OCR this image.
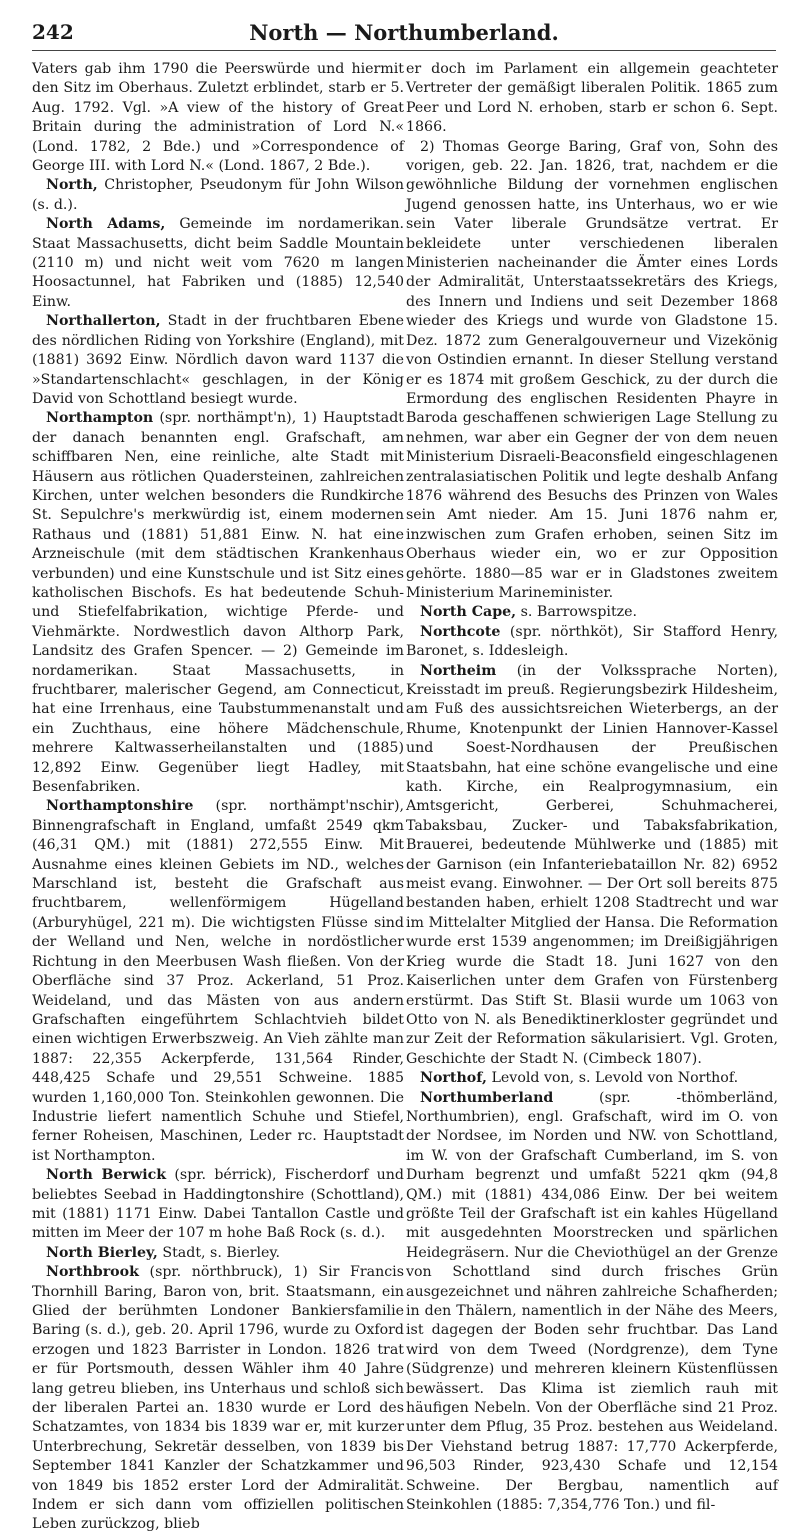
242	North — Northumberland.

Vaters gab ihm 1790 die Peerswürde und hiermit den Sitz im Oberhaus. Zuletzt erblindet, starb er 5. Aug. 1792. Vgl. »A view of the history of Great Britain during the administration of Lord N.« (Lond. 1782, 2 Bde.) und »Correspondence of George III. with Lord N.« (Lond. 1867, 2 Bde.).

North, Christopher, Pseudonym für John Wilson (s. d.).

North Adams, Gemeinde im nordamerikan. Staat Massachusetts, dicht beim Saddle Mountain (2110 m) und nicht weit vom 7620 m langen Hoosactunnel, hat Fabriken und (1885) 12,540 Einw.

Northallerton, Stadt in der fruchtbaren Ebene des nördlichen Riding von Yorkshire (England), mit (1881) 3692 Einw. Nördlich davon ward 1137 die »Standartenschlacht« geschlagen, in der König David von Schottland besiegt wurde.

Northampton (spr. northämpt'n), 1) Hauptstadt der danach benannten engl. Grafschaft, am schiffbaren Nen, eine reinliche, alte Stadt mit Häusern aus rötlichen Quadersteinen, zahlreichen Kirchen, unter welchen besonders die Rundkirche St. Sepulchre's merkwürdig ist, einem modernen Rathaus und (1881) 51,881 Einw. N. hat eine Arzneischule (mit dem städtischen Krankenhaus verbunden) und eine Kunstschule und ist Sitz eines katholischen Bischofs. Es hat bedeutende Schuh- und Stiefelfabrikation, wichtige Pferde- und Viehmärkte. Nordwestlich davon Althorp Park, Landsitz des Grafen Spencer. — 2) Gemeinde im nordamerikan. Staat Massachusetts, in fruchtbarer, malerischer Gegend, am Connecticut, hat eine Irrenhaus, eine Taubstummenanstalt und ein Zuchthaus, eine höhere Mädchenschule, mehrere Kaltwasserheilanstalten und (1885) 12,892 Einw. Gegenüber liegt Hadley, mit Besenfabriken.

Northamptonshire (spr. northämpt'nschir), Binnengrafschaft in England, umfaßt 2549 qkm (46,31 QM.) mit (1881) 272,555 Einw. Mit Ausnahme eines kleinen Gebiets im ND., welches Marschland ist, besteht die Grafschaft aus fruchtbarem, wellenförmigem Hügelland (Arburyhügel, 221 m). Die wichtigsten Flüsse sind der Welland und Nen, welche in nordöstlicher Richtung in den Meerbusen Wash fließen. Von der Oberfläche sind 37 Proz. Ackerland, 51 Proz. Weideland, und das Mästen von aus andern Grafschaften eingeführtem Schlachtvieh bildet einen wichtigen Erwerbszweig. An Vieh zählte man 1887: 22,355 Ackerpferde, 131,564 Rinder, 448,425 Schafe und 29,551 Schweine. 1885 wurden 1,160,000 Ton. Steinkohlen gewonnen. Die Industrie liefert namentlich Schuhe und Stiefel, ferner Roheisen, Maschinen, Leder rc. Hauptstadt ist Northampton.

North Berwick (spr. bérrick), Fischerdorf und beliebtes Seebad in Haddingtonshire (Schottland), mit (1881) 1171 Einw. Dabei Tantallon Castle und mitten im Meer der 107 m hohe Baß Rock (s. d.).

North Bierley, Stadt, s. Bierley.

Northbrook (spr. nörthbruck), 1) Sir Francis Thornhill Baring, Baron von, brit. Staatsmann, ein Glied der berühmten Londoner Bankiersfamilie Baring (s. d.), geb. 20. April 1796, wurde zu Oxford erzogen und 1823 Barrister in London. 1826 trat er für Portsmouth, dessen Wähler ihm 40 Jahre lang getreu blieben, ins Unterhaus und schloß sich der liberalen Partei an. 1830 wurde er Lord des Schatzamtes, von 1834 bis 1839 war er, mit kurzer Unterbrechung, Sekretär desselben, von 1839 bis September 1841 Kanzler der Schatzkammer und von 1849 bis 1852 erster Lord der Admiralität. Indem er sich dann vom offiziellen politischen Leben zurückzog, blieb

er doch im Parlament ein allgemein geachteter Vertreter der gemäßigt liberalen Politik. 1865 zum Peer und Lord N. erhoben, starb er schon 6. Sept. 1866.

2) Thomas George Baring, Graf von, Sohn des vorigen, geb. 22. Jan. 1826, trat, nachdem er die gewöhnliche Bildung der vornehmen englischen Jugend genossen hatte, ins Unterhaus, wo er wie sein Vater liberale Grundsätze vertrat. Er bekleidete unter verschiedenen liberalen Ministerien nacheinander die Ämter eines Lords der Admiralität, Unterstaatssekretärs des Kriegs, des Innern und Indiens und seit Dezember 1868 wieder des Kriegs und wurde von Gladstone 15. Dez. 1872 zum Generalgouverneur und Vizekönig von Ostindien ernannt. In dieser Stellung verstand er es 1874 mit großem Geschick, zu der durch die Ermordung des englischen Residenten Phayre in Baroda geschaffenen schwierigen Lage Stellung zu nehmen, war aber ein Gegner der von dem neuen Ministerium Disraeli-Beaconsfield eingeschlagenen zentralasiatischen Politik und legte deshalb Anfang 1876 während des Besuchs des Prinzen von Wales sein Amt nieder. Am 15. Juni 1876 nahm er, inzwischen zum Grafen erhoben, seinen Sitz im Oberhaus wieder ein, wo er zur Opposition gehörte. 1880—85 war er in Gladstones zweitem Ministerium Marineminister.

North Cape, s. Barrowspitze.

Northcote (spr. nörthköt), Sir Stafford Henry, Baronet, s. Iddesleigh.

Northeim (in der Volkssprache Norten), Kreisstadt im preuß. Regierungsbezirk Hildesheim, am Fuß des aussichtsreichen Wieterbergs, an der Rhume, Knotenpunkt der Linien Hannover-Kassel und Soest-Nordhausen der Preußischen Staatsbahn, hat eine schöne evangelische und eine kath. Kirche, ein Realprogymnasium, ein Amtsgericht, Gerberei, Schuhmacherei, Tabaksbau, Zucker- und Tabaksfabrikation, Brauerei, bedeutende Mühlwerke und (1885) mit der Garnison (ein Infanteriebataillon Nr. 82) 6952 meist evang. Einwohner. — Der Ort soll bereits 875 bestanden haben, erhielt 1208 Stadtrecht und war im Mittelalter Mitglied der Hansa. Die Reformation wurde erst 1539 angenommen; im Dreißigjährigen Krieg wurde die Stadt 18. Juni 1627 von den Kaiserlichen unter dem Grafen von Fürstenberg erstürmt. Das Stift St. Blasii wurde um 1063 von Otto von N. als Benediktinerkloster gegründet und zur Zeit der Reformation säkularisiert. Vgl. Groten, Geschichte der Stadt N. (Cimbeck 1807).

Northof, Levold von, s. Levold von Northof.

Northumberland	(spr. -thömberländ, Northumbrien), engl. Grafschaft, wird im O. von der Nordsee, im Norden und NW. von Schottland, im W. von der Grafschaft Cumberland, im S. von Durham begrenzt und umfaßt 5221 qkm (94,8 QM.) mit (1881) 434,086 Einw. Der bei weitem größte Teil der Grafschaft ist ein kahles Hügelland mit ausgedehnten Moorstrecken und spärlichen Heidegräsern. Nur die Cheviothügel an der Grenze von Schottland sind durch frisches Grün ausgezeichnet und nähren zahlreiche Schafherden; in den Thälern, namentlich in der Nähe des Meers, ist dagegen der Boden sehr fruchtbar. Das Land wird von dem Tweed (Nordgrenze), dem Tyne (Südgrenze) und mehreren kleinern Küstenflüssen bewässert. Das Klima ist ziemlich rauh mit häufigen Nebeln. Von der Oberfläche sind 21 Proz. unter dem Pflug, 35 Proz. bestehen aus Weideland. Der Viehstand betrug 1887: 17,770 Ackerpferde, 96,503 Rinder, 923,430 Schafe und 12,154 Schweine. Der Bergbau, namentlich auf Steinkohlen (1885: 7,354,776 Ton.) und fil-
